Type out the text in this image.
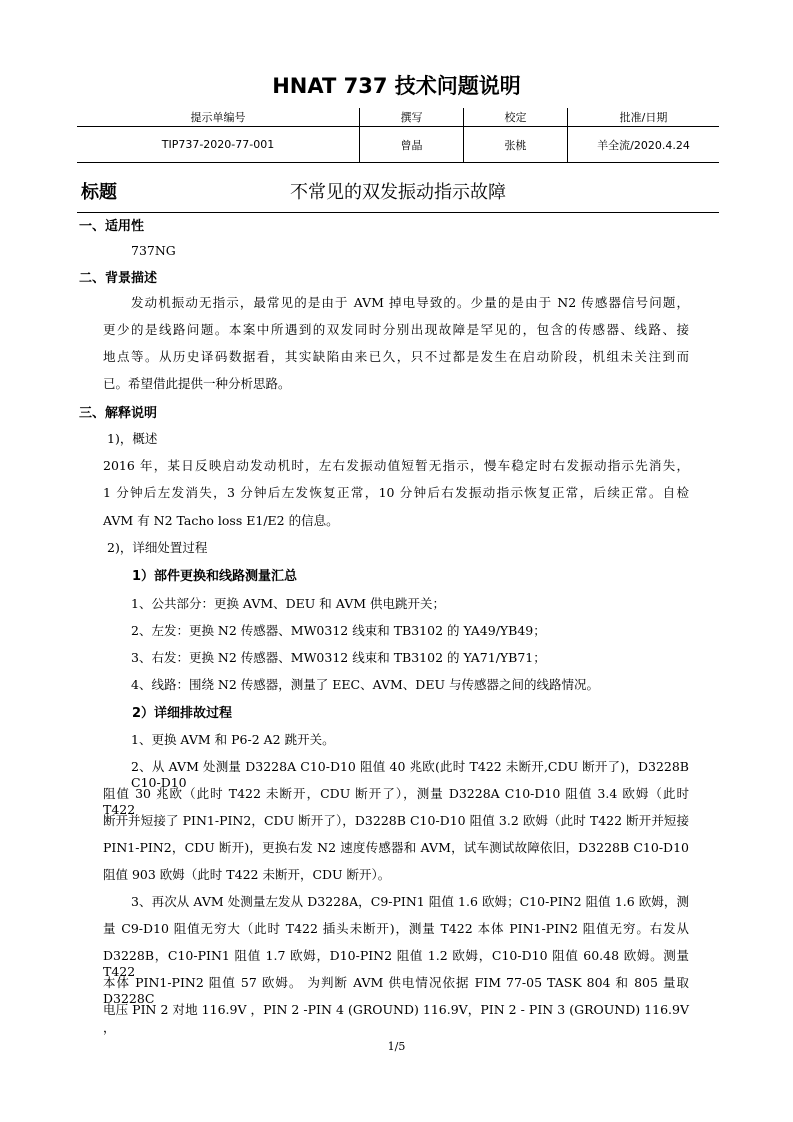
HNAT 737 技术问题说明
提示单编号	撰写	校定	批准/日期
TIP737-2020-77-001	曾晶	张桃	羊全流/2020.4.24
标题	不常见的双发振动指示故障
一、适用性
737NG
二、背景描述
发动机振动无指示，最常见的是由于 AVM 掉电导致的。少量的是由于 N2 传感器信号问题，
更少的是线路问题。本案中所遇到的双发同时分别出现故障是罕见的，包含的传感器、线路、接
地点等。从历史译码数据看，其实缺陷由来已久，只不过都是发生在启动阶段，机组未关注到而
已。希望借此提供一种分析思路。
三、解释说明
1)，概述
2016 年，某日反映启动发动机时，左右发振动值短暂无指示，慢车稳定时右发振动指示先消失，
1 分钟后左发消失，3 分钟后左发恢复正常，10 分钟后右发振动指示恢复正常，后续正常。自检
AVM 有 N2 Tacho loss E1/E2 的信息。
2)，详细处置过程
1）部件更换和线路测量汇总
1、公共部分：更换 AVM、DEU 和 AVM 供电跳开关；
2、左发：更换 N2 传感器、MW0312 线束和 TB3102 的 YA49/YB49；
3、右发：更换 N2 传感器、MW0312 线束和 TB3102 的 YA71/YB71；
4、线路：围绕 N2 传感器，测量了 EEC、AVM、DEU 与传感器之间的线路情况。
2）详细排故过程
1、更换 AVM 和 P6-2 A2 跳开关。
2、从 AVM 处测量 D3228A C10-D10 阻值 40 兆欧(此时 T422 未断开,CDU 断开了)，D3228B C10-D10
阻值 30 兆欧（此时 T422 未断开，CDU 断开了），测量 D3228A C10-D10 阻值 3.4 欧姆（此时 T422
断开并短接了 PIN1-PIN2，CDU 断开了），D3228B C10-D10 阻值 3.2 欧姆（此时 T422 断开并短接
PIN1-PIN2，CDU 断开)，更换右发 N2 速度传感器和 AVM，试车测试故障依旧，D3228B C10-D10
阻值 903 欧姆（此时 T422 未断开，CDU 断开）。
3、再次从 AVM 处测量左发从 D3228A，C9-PIN1 阻值 1.6 欧姆；C10-PIN2 阻值 1.6 欧姆，测
量 C9-D10 阻值无穷大（此时 T422 插头未断开)，测量 T422 本体 PIN1-PIN2 阻值无穷。右发从
D3228B，C10-PIN1 阻值 1.7 欧姆，D10-PIN2 阻值 1.2 欧姆，C10-D10 阻值 60.48 欧姆。测量 T422
本体 PIN1-PIN2 阻值 57 欧姆。 为判断 AVM 供电情况依据 FIM 77-05 TASK 804 和 805 量取 D3228C
电压 PIN 2 对地 116.9V ，PIN 2 -PIN 4 (GROUND) 116.9V，PIN 2 - PIN 3 (GROUND) 116.9V ，
1/5
